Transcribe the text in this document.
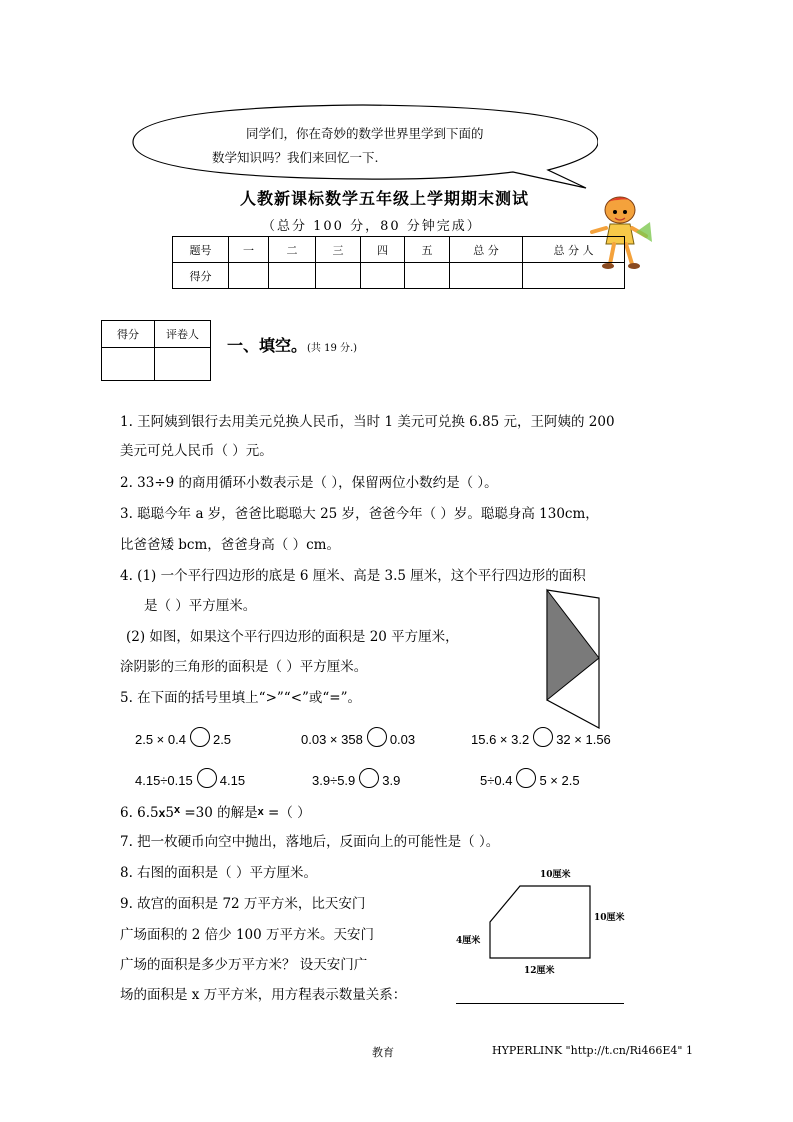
同学们，你在奇妙的数学世界里学到下面的
数学知识吗？我们来回忆一下.
人教新课标数学五年级上学期期末测试
（总分 100 分，80 分钟完成）
题号	一	二	三	四	五	总 分	总 分 人
得分							
得分	评卷人

一、填空。(共 19 分.)
1. 王阿姨到银行去用美元兑换人民币，当时 1 美元可兑换 6.85 元，王阿姨的 200
美元可兑人民币（ ）元。
2. 33÷9 的商用循环小数表示是（ ），保留两位小数约是（ ）。
3. 聪聪今年 a 岁，爸爸比聪聪大 25 岁，爸爸今年（ ）岁。聪聪身高 130cm，
比爸爸矮 bcm，爸爸身高（ ）cm。
4. (1) 一个平行四边形的底是 6 厘米、高是 3.5 厘米，这个平行四边形的面积
是（ ）平方厘米。
(2) 如图，如果这个平行四边形的面积是 20 平方厘米，
涂阴影的三角形的面积是（ ）平方厘米。
5. 在下面的括号里填上“>”“<”或“=”。
2.5 × 0.4 2.5	0.03 × 358 0.03	15.6 × 3.2 32 × 1.56
4.15÷0.15 4.15	3.9÷5.9 3.9	5÷0.4 5 × 2.5
6. $6.5x5^x =30$ 的解是x =（ ）
7. 把一枚硬币向空中抛出，落地后，反面向上的可能性是（ ）。
8. 右图的面积是（ ）平方厘米。
9. 故宫的面积是 72 万平方米，比天安门
广场面积的 2 倍少 100 万平方米。天安门
广场的面积是多少万平方米？ 设天安门广
场的面积是 x 万平方米，用方程表示数量关系：
10厘米
10厘米
4厘米
12厘米
教育	HYPERLINK "http://t.cn/Ri466E4" 1
